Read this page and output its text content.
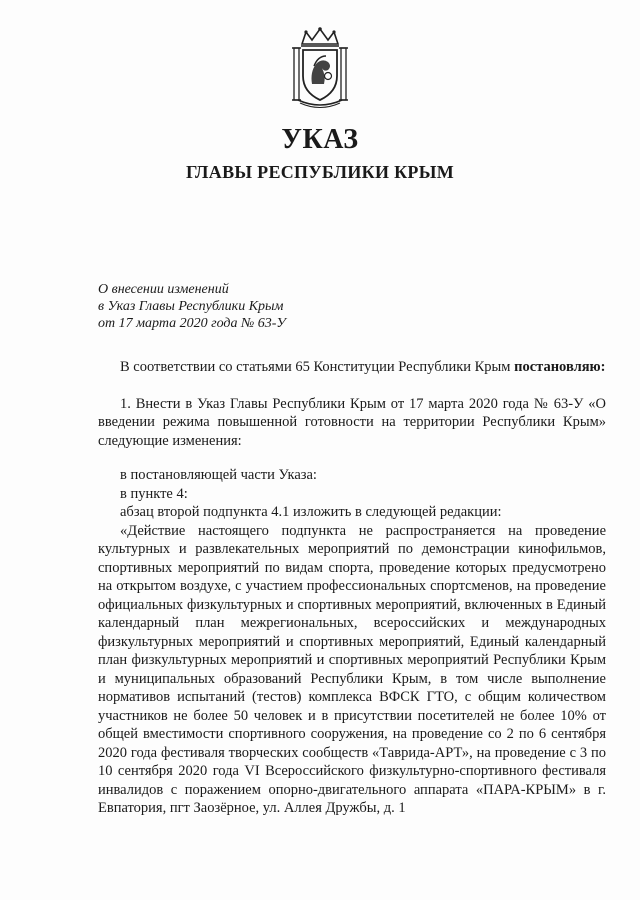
УКАЗ
ГЛАВЫ РЕСПУБЛИКИ КРЫМ
О внесении изменений
в Указ Главы Республики Крым
от 17 марта 2020 года № 63-У

В соответствии со статьями 65 Конституции Республики Крым постановляю:

1. Внести в Указ Главы Республики Крым от 17 марта 2020 года № 63-У «О введении режима повышенной готовности на территории Республики Крым» следующие изменения:

в постановляющей части Указа:

в пункте 4:

абзац второй подпункта 4.1 изложить в следующей редакции:

«Действие настоящего подпункта не распространяется на проведение культурных и развлекательных мероприятий по демонстрации кинофильмов, спортивных мероприятий по видам спорта, проведение которых предусмотрено на открытом воздухе, с участием профессиональных спортсменов, на проведение официальных физкультурных и спортивных мероприятий, включенных в Единый календарный план межрегиональных, всероссийских и международных физкультурных мероприятий и спортивных мероприятий, Единый календарный план физкультурных мероприятий и спортивных мероприятий Республики Крым и муниципальных образований Республики Крым, в том числе выполнение нормативов испытаний (тестов) комплекса ВФСК ГТО, с общим количеством участников не более 50 человек и в присутствии посетителей не более 10% от общей вместимости спортивного сооружения, на проведение со 2 по 6 сентября 2020 года фестиваля творческих сообществ «Таврида-АРТ», на проведение с 3 по 10 сентября 2020 года VI Всероссийского физкультурно-спортивного фестиваля инвалидов с поражением опорно-двигательного аппарата «ПАРА-КРЫМ» в г. Евпатория, пгт Заозёрное, ул. Аллея Дружбы, д. 1
